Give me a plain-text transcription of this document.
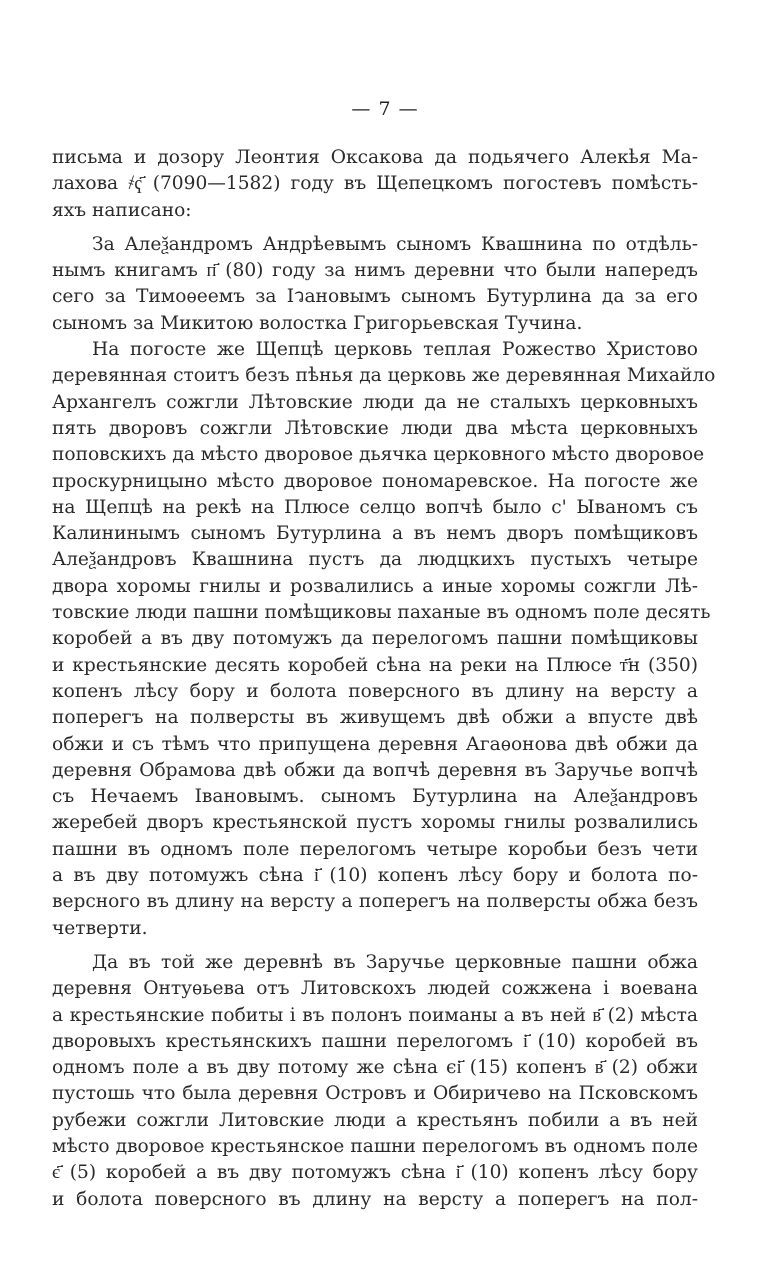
— 7 —
письма и дозору Леонтия Оксакова да подьячего Алекҍя Ма-
лахова ҂ҁ҃ (7090—1582) году въ Щепецкомъ погостевъ помѣсть-
яхъ написано:
За Алеѯандромъ Андрѣевымъ сыномъ Квашнина по отдѣль-
нымъ книгамъ п҃ (80) году за нимъ деревни что были напередъ
сего за Тимоѳеемъ за Іวановымъ сыномъ Бутурлина да за его
сыномъ за Микитою волостка Григорьевская Тучина.
На погосте же Щепцѣ церковь теплая Рожество Христово
деревянная стоитъ безъ пѣнья да церковь же деревянная Михайло
Архангелъ сожгли Лѣтовские люди да не сталыхъ церковныхъ
пять дворовъ сожгли Лѣтовские люди два мѣста церковныхъ
поповскихъ да мѣсто дворовое дьячка церковного мѣсто дворовое
проскурницыно мѣсто дворовое пономаревское. На погосте же
на Щепцѣ на рекѣ на Плюсе селцо вопчѣ было с' Ываномъ съ
Калининымъ сыномъ Бутурлина а въ немъ дворъ помѣщиковъ
Алеѯандровъ Квашнина пустъ да людцкихъ пустыхъ четыре
двора хоромы гнилы и розвалились а иные хоромы сожгли Лѣ-
товские люди пашни помѣщиковы паханые въ одномъ поле десять
коробей а въ дву потомужъ да перелогомъ пашни помѣщиковы
и крестьянские десять коробей сѣна на реки на Плюсе т҃н (350)
копенъ лѣсу бору и болота поверсного въ длину на версту а
поперегъ на полверсты въ живущемъ двѣ обжи а впусте двѣ
обжи и съ тѣмъ что припущена деревня Агаѳонова двѣ обжи да
деревня Обрамова двѣ обжи да вопчѣ деревня въ Заручье вопчѣ
съ Нечаемъ Івановымъ. сыномъ Бутурлина на Алеѯандровъ
жеребей дворъ крестьянской пустъ хоромы гнилы розвалились
пашни въ одномъ поле перелогомъ четыре коробьи безъ чети
а въ дву потомужъ сѣна і҃ (10) копенъ лѣсу бору и болота по-
версного въ длину на версту а поперегъ на полверсты обжа безъ
четверти.
Да въ той же деревнѣ въ Заручье церковные пашни обжа
деревня Онтуѳьева отъ Литовскохъ людей сожжена і воевана
а крестьянские побиты і въ полонъ поиманы а въ ней в҃ (2) мѣста
дворовыхъ крестьянскихъ пашни перелогомъ і҃ (10) коробей въ
одномъ поле а въ дву потому же сѣна єі҃ (15) копенъ в҃ (2) обжи
пустошь что была деревня Островъ и Обиричево на Псковскомъ
рубежи сожгли Литовские люди а крестьянъ побили а въ ней
мѣсто дворовое крестьянское пашни перелогомъ въ одномъ поле
є҃ (5) коробей а въ дву потомужъ сѣна і҃ (10) копенъ лѣсу бору
и болота поверсного въ длину на версту а поперегъ на пол-
